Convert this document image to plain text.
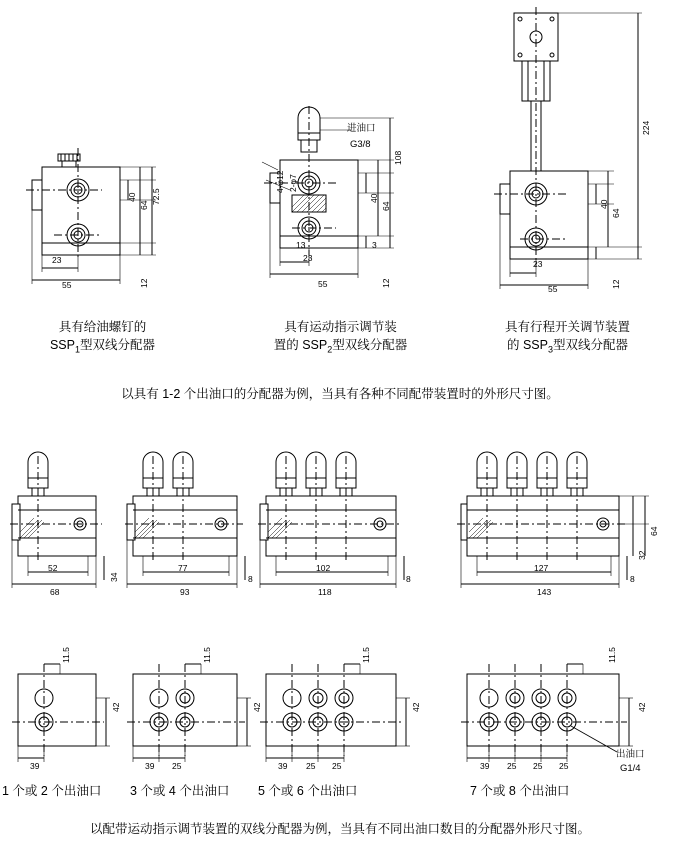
72.5
64
40
12
23
55
进油口
G3/8
4-φ12 2-φ7
13	3
108
64
40
12
23
55
224
64
40
12
23
55
具有给油螺钉的
$SSP_1$型双线分配器
具有运动指示调节装
置的 $SSP_2$型双线分配器
具有行程开关调节装置
的 $SSP_3$型双线分配器
以具有 1-2 个出油口的分配器为例，当具有各种不同配带装置时的外形尺寸图。
52
68
34
77
93
8
102
118
8
127
143
8
64
32
11.5
42
39
11.5
42
39 25
11.5
42
39 25 25
11.5
42
39 25 25 25
出油口
G1/4
1 个或 2 个出油口 3 个或 4 个出油口 5 个或 6 个出油口	7 个或 8 个出油口
以配带运动指示调节装置的双线分配器为例，当具有不同出油口数目的分配器外形尺寸图。
